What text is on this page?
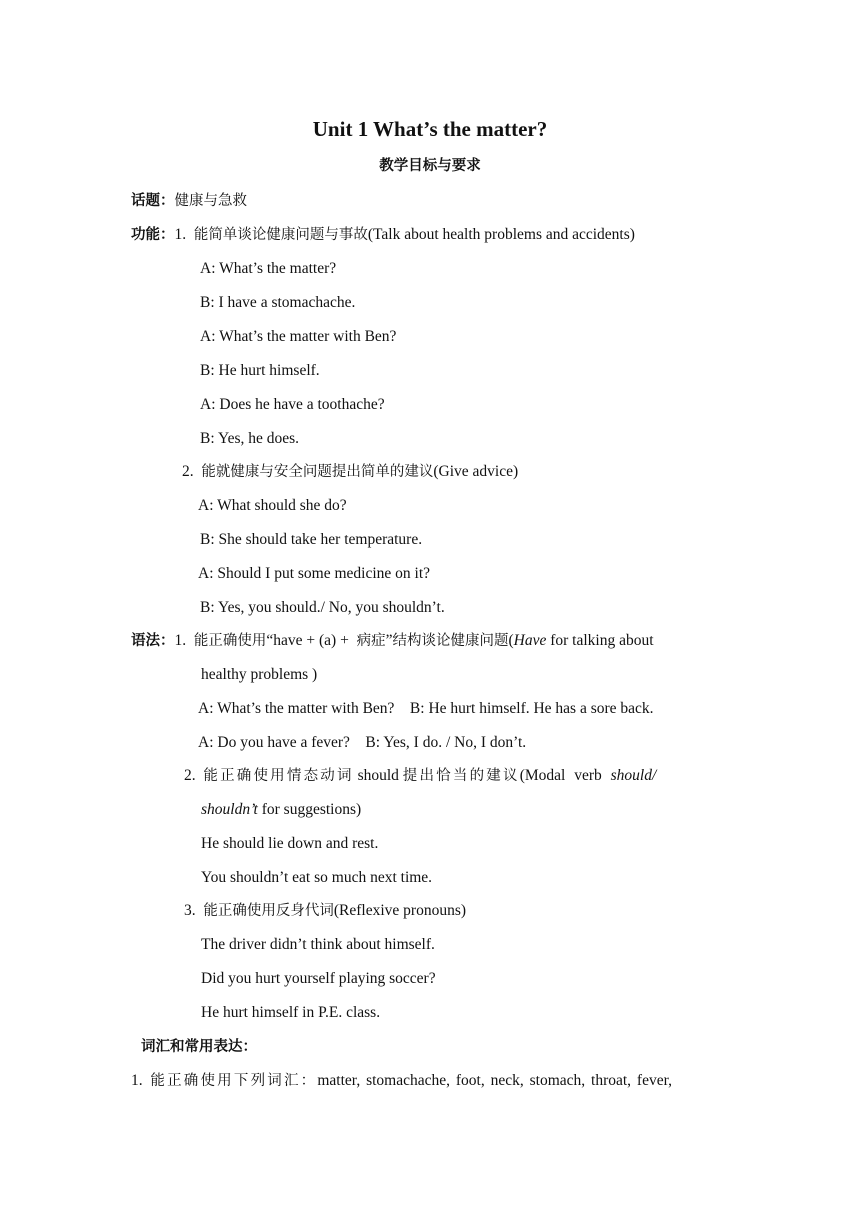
Unit 1 What’s the matter?
教学目标与要求
话题：健康与急救
功能：1. 能简单谈论健康问题与事故(Talk about health problems and accidents)
A: What’s the matter?
B: I have a stomachache.
A: What’s the matter with Ben?
B: He hurt himself.
A: Does he have a toothache?
B: Yes, he does.
2. 能就健康与安全问题提出简单的建议(Give advice)
A: What should she do?
B: She should take her temperature.
A: Should I put some medicine on it?
B: Yes, you should./ No, you shouldn’t.
语法：1. 能正确使用“have + (a) +  病症”结构谈论健康问题(Have for talking about
healthy problems )
A: What’s the matter with Ben?    B: He hurt himself. He has a sore back.
A: Do you have a fever?    B: Yes, I do. / No, I don’t.
2. 能正确使用情态动词 should 提出恰当的建议(Modal verb should/
shouldn’t for suggestions)
He should lie down and rest.
You shouldn’t eat so much next time.
3. 能正确使用反身代词(Reflexive pronouns)
The driver didn’t think about himself.
Did you hurt yourself playing soccer?
He hurt himself in P.E. class.
词汇和常用表达：
1. 能正确使用下列词汇：matter, stomachache, foot, neck, stomach, throat, fever,
